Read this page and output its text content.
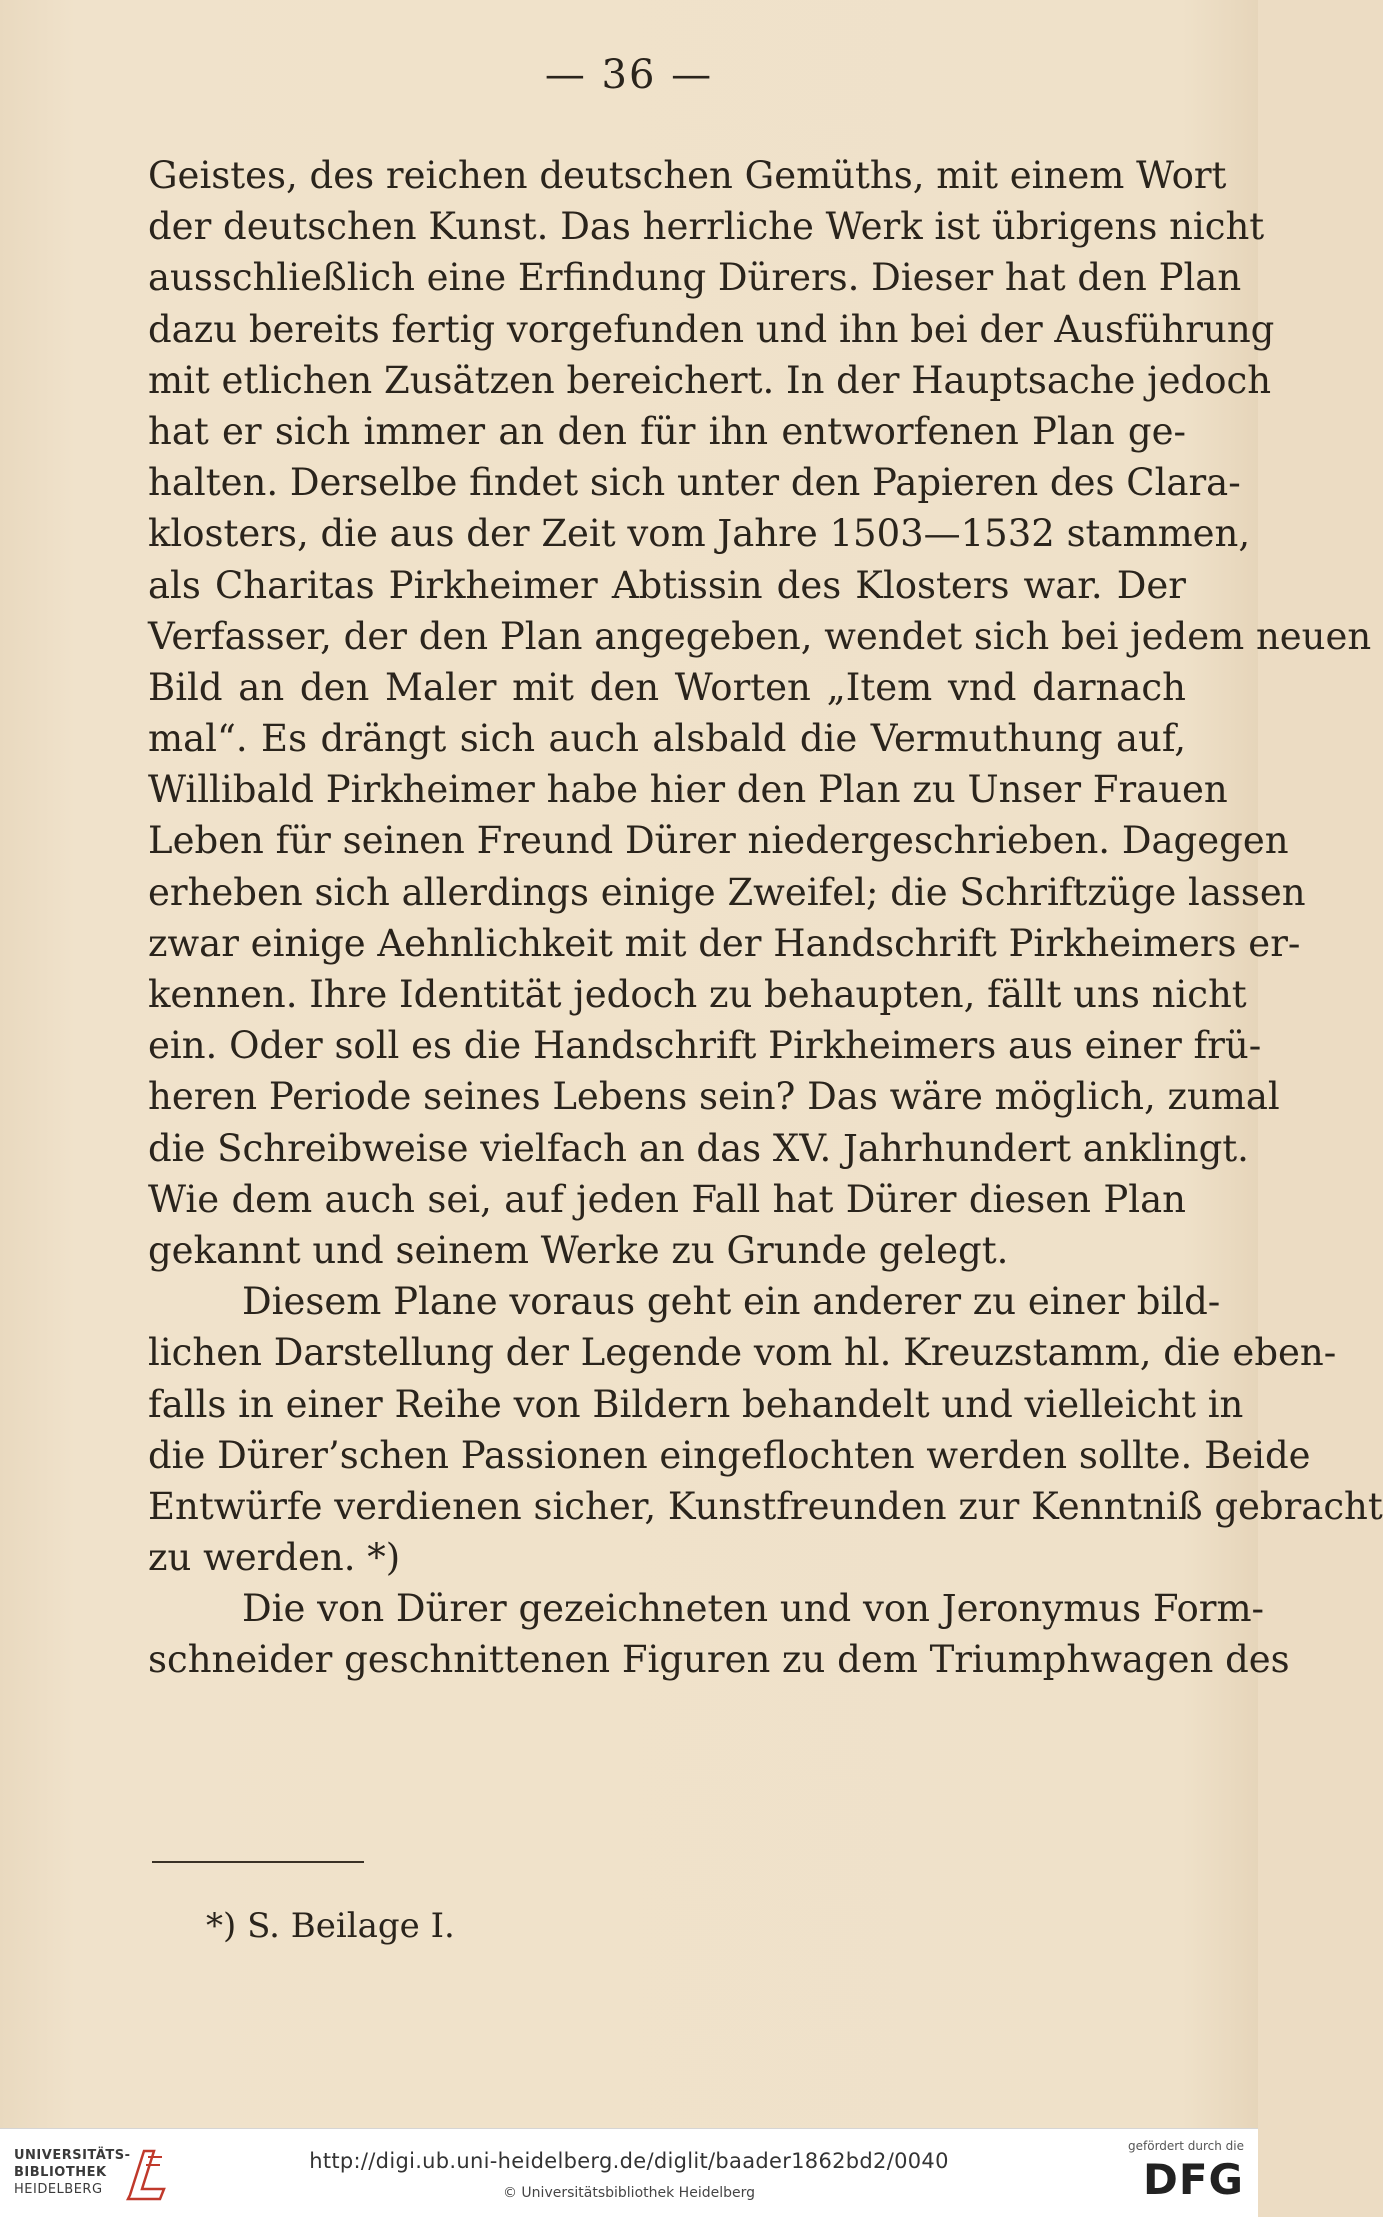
— 36 —
Geistes, des reichen deutschen Gemüths, mit einem Wort
der deutschen Kunst. Das herrliche Werk ist übrigens nicht
ausschließlich eine Erfindung Dürers. Dieser hat den Plan
dazu bereits fertig vorgefunden und ihn bei der Ausführung
mit etlichen Zusätzen bereichert. In der Hauptsache jedoch
hat er sich immer an den für ihn entworfenen Plan ge-
halten. Derselbe findet sich unter den Papieren des Clara-
klosters, die aus der Zeit vom Jahre 1503—1532 stammen,
als Charitas Pirkheimer Abtissin des Klosters war. Der
Verfasser, der den Plan angegeben, wendet sich bei jedem neuen
Bild an den Maler mit den Worten „Item vnd darnach
mal“. Es drängt sich auch alsbald die Vermuthung auf,
Willibald Pirkheimer habe hier den Plan zu Unser Frauen
Leben für seinen Freund Dürer niedergeschrieben. Dagegen
erheben sich allerdings einige Zweifel; die Schriftzüge lassen
zwar einige Aehnlichkeit mit der Handschrift Pirkheimers er-
kennen. Ihre Identität jedoch zu behaupten, fällt uns nicht
ein. Oder soll es die Handschrift Pirkheimers aus einer frü-
heren Periode seines Lebens sein? Das wäre möglich, zumal
die Schreibweise vielfach an das XV. Jahrhundert anklingt.
Wie dem auch sei, auf jeden Fall hat Dürer diesen Plan
gekannt und seinem Werke zu Grunde gelegt.
Diesem Plane voraus geht ein anderer zu einer bild-
lichen Darstellung der Legende vom hl. Kreuzstamm, die eben-
falls in einer Reihe von Bildern behandelt und vielleicht in
die Dürer’schen Passionen eingeflochten werden sollte. Beide
Entwürfe verdienen sicher, Kunstfreunden zur Kenntniß gebracht
zu werden. *)
Die von Dürer gezeichneten und von Jeronymus Form-
schneider geschnittenen Figuren zu dem Triumphwagen des
*) S. Beilage I.
UNIVERSITÄTS-
BIBLIOTHEK
HEIDELBERG
http://digi.ub.uni-heidelberg.de/diglit/baader1862bd2/0040
© Universitätsbibliothek Heidelberg
gefördert durch die
DFG
